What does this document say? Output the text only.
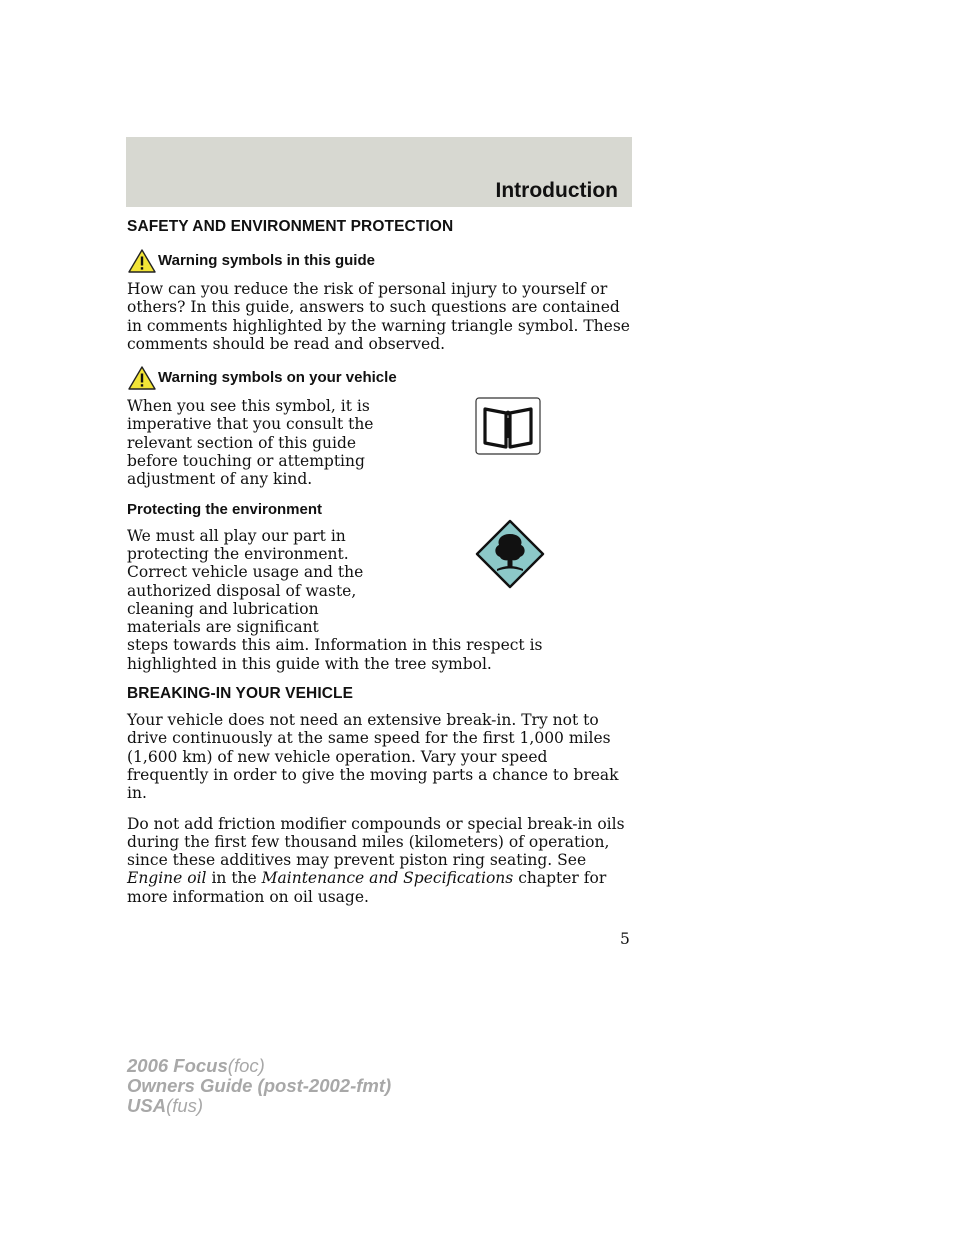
Introduction
SAFETY AND ENVIRONMENT PROTECTION
Warning symbols in this guide

How can you reduce the risk of personal injury to yourself or others? In this guide, answers to such questions are contained in comments highlighted by the warning triangle symbol. These comments should be read and observed.

Warning symbols on your vehicle

When you see this symbol, it is imperative that you consult the relevant section of this guide before touching or attempting adjustment of any kind.

Protecting the environment

We must all play our part in protecting the environment. Correct vehicle usage and the authorized disposal of waste, cleaning and lubrication materials are significant

steps towards this aim. Information in this respect is highlighted in this guide with the tree symbol.

BREAKING-IN YOUR VEHICLE

Your vehicle does not need an extensive break-in. Try not to drive continuously at the same speed for the first 1,000 miles (1,600 km) of new vehicle operation. Vary your speed frequently in order to give the moving parts a chance to break in.

Do not add friction modifier compounds or special break-in oils during the first few thousand miles (kilometers) of operation, since these additives may prevent piston ring seating. See Engine oil in the Maintenance and Specifications chapter for more information on oil usage.

5
2006 Focus(foc)
Owners Guide (post-2002-fmt)
USA(fus)
